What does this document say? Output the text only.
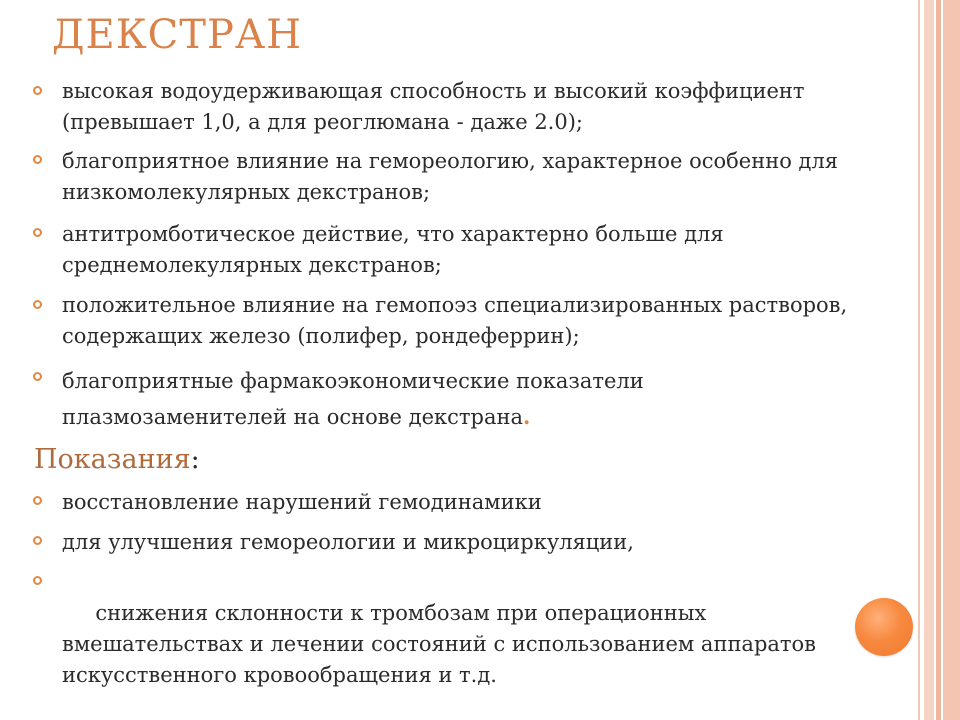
ДЕКСТРАН
высокая водоудерживающая способность и высокий коэффициент (превышает 1,0, а для реоглюмана - даже 2.0);
благоприятное влияние на гемореологию, характерное особенно для низкомолекулярных декстранов;
антитромботическое действие, что характерно больше для среднемолекулярных декстранов;
положительное влияние на гемопоэз специализированных растворов, содержащих железо (полифер, рондеферрин);
благоприятные фармакоэкономические показатели плазмозаменителей на основе декстрана.
Показания:
восстановление нарушений гемодинамики
для улучшения гемореологии и микроциркуляции,

снижения склонности к тромбозам при операционных вмешательствах и лечении состояний с использованием аппаратов искусственного кровообращения и т.д.
